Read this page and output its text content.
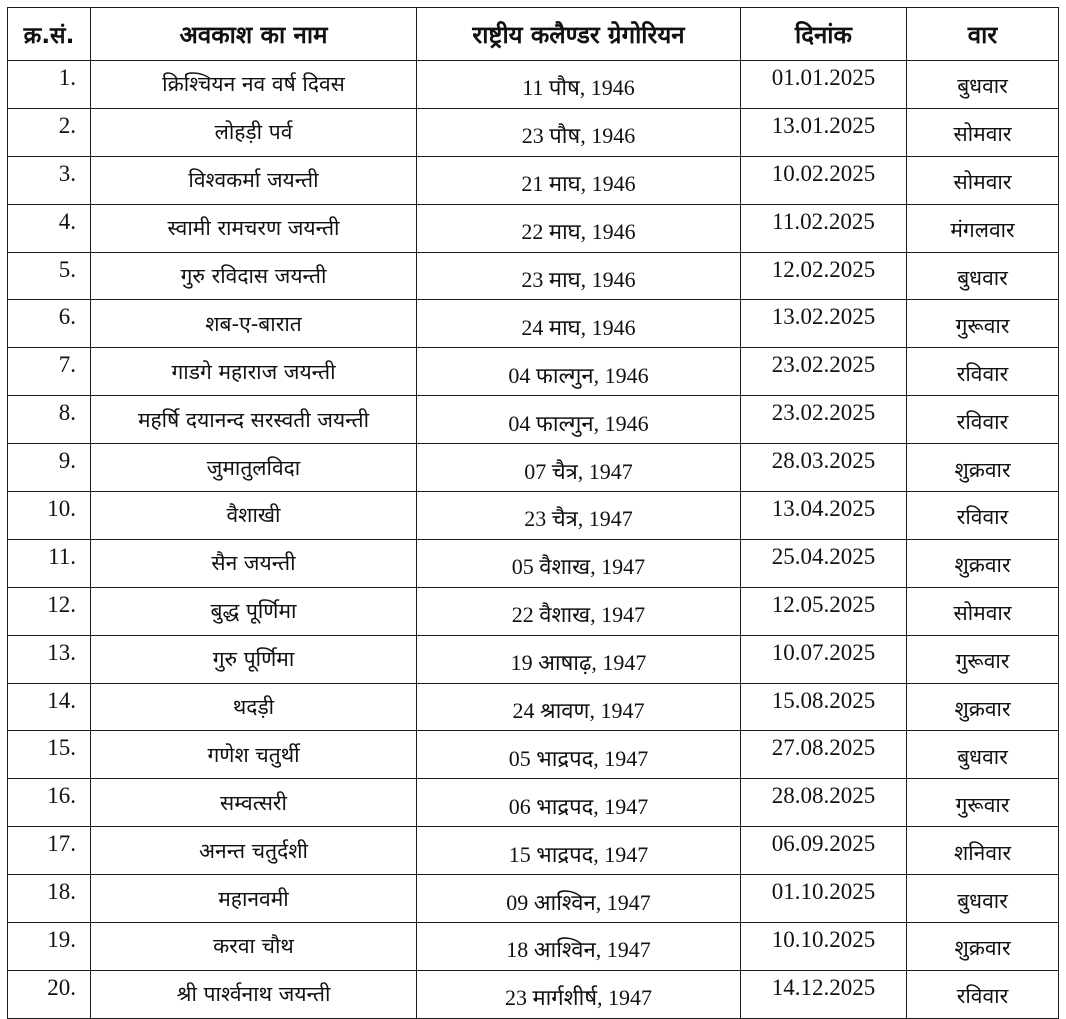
क्र.सं.	अवकाश का नाम	राष्ट्रीय कलैण्डर ग्रेगोरियन	दिनांक	वार
1.	क्रिश्चियन नव वर्ष दिवस	11 पौष, 1946	01.01.2025	बुधवार
2.	लोहड़ी पर्व	23 पौष, 1946	13.01.2025	सोमवार
3.	विश्वकर्मा जयन्ती	21 माघ, 1946	10.02.2025	सोमवार
4.	स्वामी रामचरण जयन्ती	22 माघ, 1946	11.02.2025	मंगलवार
5.	गुरु रविदास जयन्ती	23 माघ, 1946	12.02.2025	बुधवार
6.	शब-ए-बारात	24 माघ, 1946	13.02.2025	गुरूवार
7.	गाडगे महाराज जयन्ती	04 फाल्गुन, 1946	23.02.2025	रविवार
8.	महर्षि दयानन्द सरस्वती जयन्ती	04 फाल्गुन, 1946	23.02.2025	रविवार
9.	जुमातुलविदा	07 चैत्र, 1947	28.03.2025	शुक्रवार
10.	वैशाखी	23 चैत्र, 1947	13.04.2025	रविवार
11.	सैन जयन्ती	05 वैशाख, 1947	25.04.2025	शुक्रवार
12.	बुद्ध पूर्णिमा	22 वैशाख, 1947	12.05.2025	सोमवार
13.	गुरु पूर्णिमा	19 आषाढ़, 1947	10.07.2025	गुरूवार
14.	थदड़ी	24 श्रावण, 1947	15.08.2025	शुक्रवार
15.	गणेश चतुर्थी	05 भाद्रपद, 1947	27.08.2025	बुधवार
16.	सम्वत्सरी	06 भाद्रपद, 1947	28.08.2025	गुरूवार
17.	अनन्त चतुर्दशी	15 भाद्रपद, 1947	06.09.2025	शनिवार
18.	महानवमी	09 आश्विन, 1947	01.10.2025	बुधवार
19.	करवा चौथ	18 आश्विन, 1947	10.10.2025	शुक्रवार
20.	श्री पार्श्वनाथ जयन्ती	23 मार्गशीर्ष, 1947	14.12.2025	रविवार
